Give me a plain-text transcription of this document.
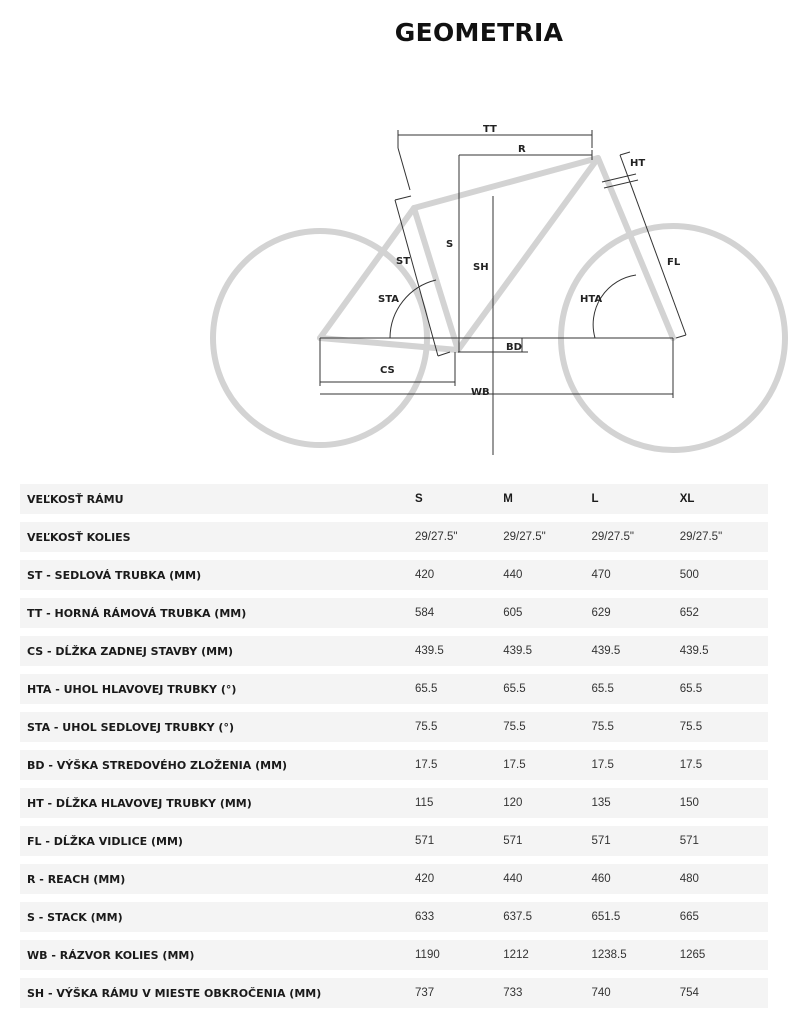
GEOMETRIA
TT
R
HT
S
ST
SH	FL
STA	HTA
BD
CS
WB
VEĽKOSŤ RÁMU	S	M	L	XL
VEĽKOSŤ KOLIES	29/27.5"	29/27.5"	29/27.5"	29/27.5"
ST - SEDLOVÁ TRUBKA (MM)	420	440	470	500
TT - HORNÁ RÁMOVÁ TRUBKA (MM)	584	605	629	652
CS - DĹŽKA ZADNEJ STAVBY (MM)	439.5	439.5	439.5	439.5
HTA - UHOL HLAVOVEJ TRUBKY (°)	65.5	65.5	65.5	65.5
STA - UHOL SEDLOVEJ TRUBKY (°)	75.5	75.5	75.5	75.5
BD - VÝŠKA STREDOVÉHO ZLOŽENIA (MM)	17.5	17.5	17.5	17.5
HT - DĹŽKA HLAVOVEJ TRUBKY (MM)	115	120	135	150
FL - DĹŽKA VIDLICE (MM)	571	571	571	571
R - REACH (MM)	420	440	460	480
S - STACK (MM)	633	637.5	651.5	665
WB - RÁZVOR KOLIES (MM)	1190	1212	1238.5	1265
SH - VÝŠKA RÁMU V MIESTE OBKROČENIA (MM)	737	733	740	754
